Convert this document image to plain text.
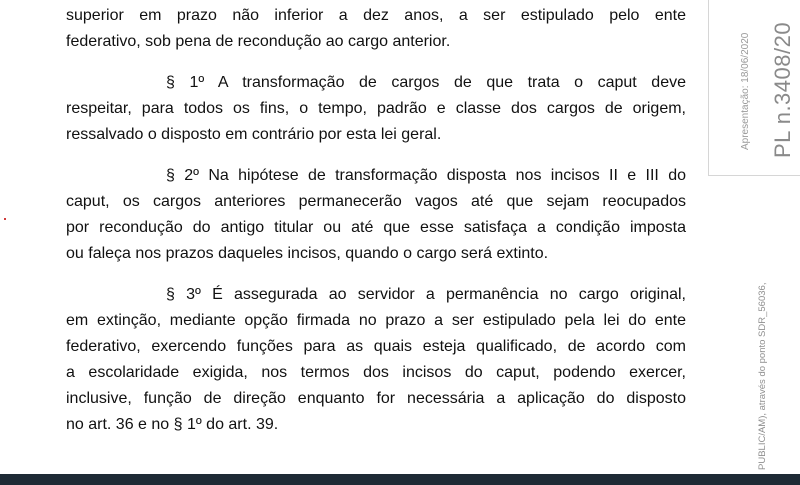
superior em prazo não inferior a dez anos, a ser estipulado pelo ente

federativo, sob pena de recondução ao cargo anterior.

§ 1º A transformação de cargos de que trata o caput deve

respeitar, para todos os fins, o tempo, padrão e classe dos cargos de origem,

ressalvado o disposto em contrário por esta lei geral.

§ 2º Na hipótese de transformação disposta nos incisos II e III do

caput, os cargos anteriores permanecerão vagos até que sejam reocupados

por recondução do antigo titular ou até que esse satisfaça a condição imposta

ou faleça nos prazos daqueles incisos, quando o cargo será extinto.

§ 3º É assegurada ao servidor a permanência no cargo original,

em extinção, mediante opção firmada no prazo a ser estipulado pela lei do ente

federativo, exercendo funções para as quais esteja qualificado, de acordo com

a escolaridade exigida, nos termos dos incisos do caput, podendo exercer,

inclusive, função de direção enquanto for necessária a aplicação do disposto

no art. 36 e no § 1º do art. 39.

Apresentação: 18/06/2020 PL n.3408/20
PUBLIC/AM), através do ponto SDR_56036,
